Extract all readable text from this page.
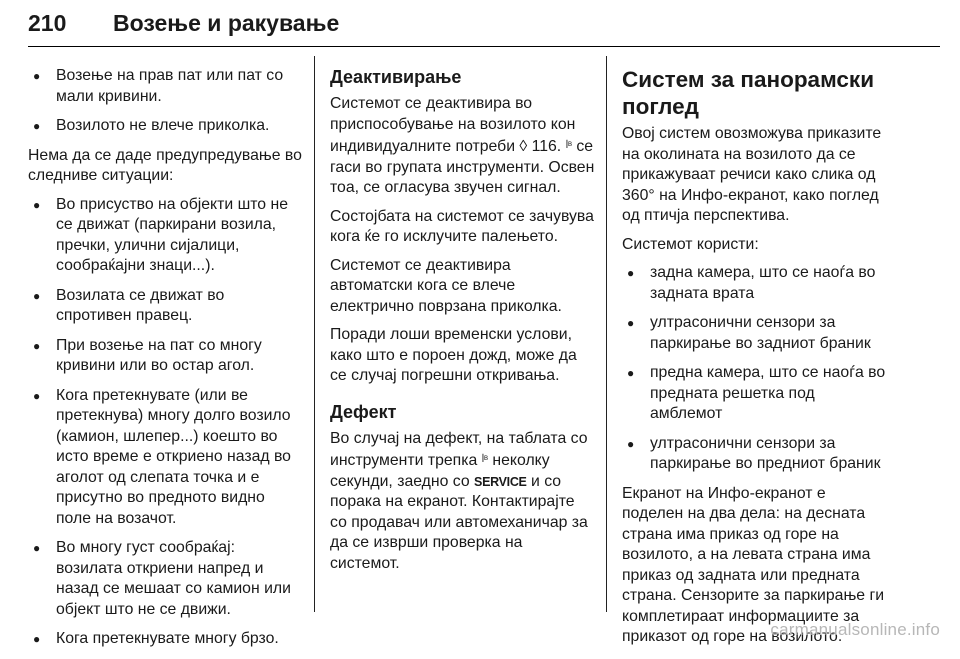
210 Возење и ракување
● Возење на прав пат или пат со мали кривини.
● Возилото не влече приколка.
Нема да се даде предупредување во следниве ситуации:
● Во присуство на објекти што не се движат (паркирани возила, пречки, улични сијалици, сообраќајни знаци...).
● Возилата се движат во спротивен правец.
● При возење на пат со многу кривини или во остар агол.
● Кога претекнувате (или ве претекнува) многу долго возило (камион, шлепер...) коешто во исто време е откриено назад во аголот од слепата точка и е присутно во предното видно поле на возачот.
● Во многу густ сообраќај: возилата откриени напред и назад се мешаат со камион или објект што не се движи.
● Кога претекнувате многу брзо.
Деактивирање
Системот се деактивира во приспособување на возилото кон индивидуалните потреби ◊ 116. ꟾᴮ се гаси во групата инструменти. Освен тоа, се огласува звучен сигнал.
Состојбата на системот се зачувува кога ќе го исклучите палењето.
Системот се деактивира автоматски кога се влече електрично поврзана приколка.
Поради лоши временски услови, како што е пороен дожд, може да се случај погрешни откривања.
Дефект
Во случај на дефект, на таблата со инструменти трепка ꟾᴮ неколку секунди, заедно со SERVICE и со порака на екранот. Контактирајте со продавач или автомеханичар за да се изврши проверка на системот.
Систем за панорамски поглед
Овој систем овозможува приказите на околината на возилото да се прикажуваат речиси како слика од 360° на Инфо-екранот, како поглед од птичја перспектива.
Системот користи:
● задна камера, што се наоѓа во задната врата
● ултрасонични сензори за паркирање во задниот браник
● предна камера, што се наоѓа во предната решетка под амблемот
● ултрасонични сензори за паркирање во предниот браник
Екранот на Инфо-екранот е поделен на два дела: на десната страна има приказ од горе на возилото, а на левата страна има приказ од задната или предната страна. Сензорите за паркирање ги комплетираат информациите за приказот од горе на возилото.
carmanualsonline.info
